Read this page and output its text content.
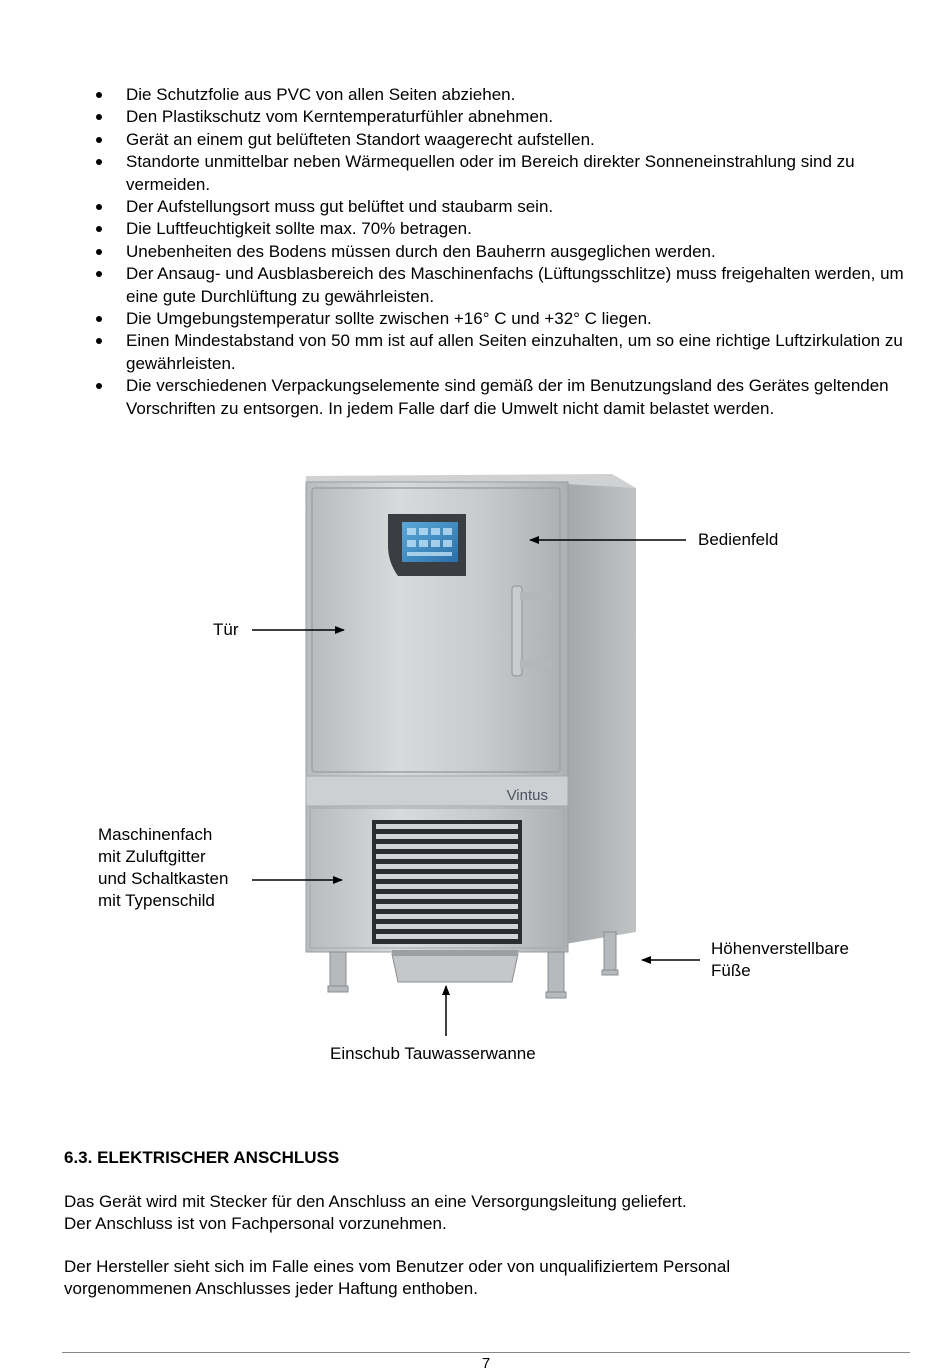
Die Schutzfolie aus PVC von allen Seiten abziehen.
Den Plastikschutz vom Kerntemperaturfühler abnehmen.
Gerät an einem gut belüfteten Standort waagerecht aufstellen.
Standorte unmittelbar neben Wärmequellen oder im Bereich direkter Sonneneinstrahlung sind zu vermeiden.
Der Aufstellungsort muss gut belüftet und staubarm sein.
Die Luftfeuchtigkeit sollte max. 70% betragen.
Unebenheiten des Bodens müssen durch den Bauherrn ausgeglichen werden.
Der Ansaug- und Ausblasbereich des Maschinenfachs (Lüftungsschlitze) muss freigehalten werden, um eine gute Durchlüftung zu gewährleisten.
Die Umgebungstemperatur sollte zwischen +16° C und +32° C liegen.
Einen Mindestabstand von 50 mm ist auf allen Seiten einzuhalten, um so eine richtige Luftzirkulation zu gewährleisten.
Die verschiedenen Verpackungselemente sind gemäß der im Benutzungsland des Gerätes geltenden Vorschriften zu entsorgen. In jedem Falle darf die Umwelt nicht damit belastet werden.
Vintus
Bedienfeld
Tür
Maschinenfach
mit Zuluftgitter
und Schaltkasten
mit Typenschild
Höhenverstellbare
Füße
Einschub Tauwasserwanne
6.3. ELEKTRISCHER ANSCHLUSS

Das Gerät wird mit Stecker für den Anschluss an eine Versorgungsleitung geliefert.
Der Anschluss ist von Fachpersonal vorzunehmen.

Der Hersteller sieht sich im Falle eines vom Benutzer oder von unqualifiziertem Personal
vorgenommenen Anschlusses jeder Haftung enthoben.

7
